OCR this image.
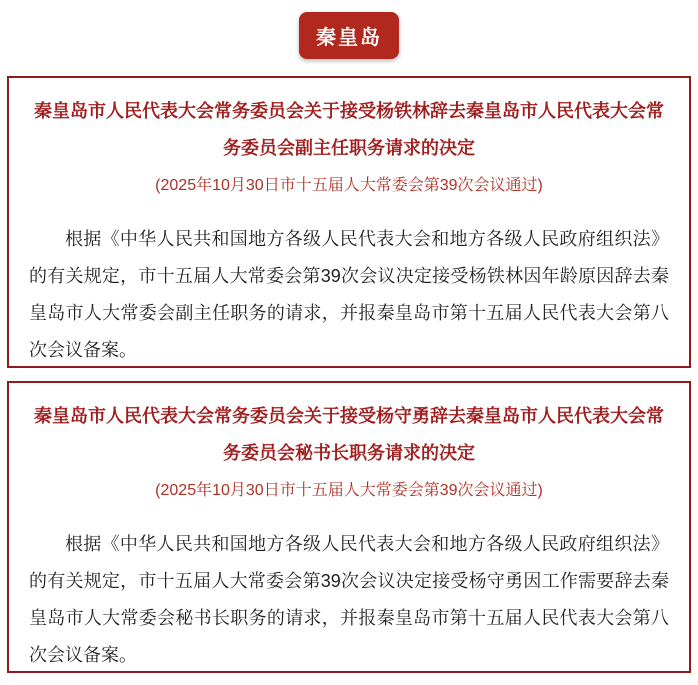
秦皇岛
秦皇岛市人民代表大会常务委员会关于接受杨铁林辞去秦皇岛市人民代表大会常务委员会副主任职务请求的决定

(2025年10月30日市十五届人大常委会第39次会议通过)

根据《中华人民共和国地方各级人民代表大会和地方各级人民政府组织法》的有关规定，市十五届人大常委会第39次会议决定接受杨铁林因年龄原因辞去秦皇岛市人大常委会副主任职务的请求，并报秦皇岛市第十五届人民代表大会第八次会议备案。

秦皇岛市人民代表大会常务委员会关于接受杨守勇辞去秦皇岛市人民代表大会常务委员会秘书长职务请求的决定

(2025年10月30日市十五届人大常委会第39次会议通过)

根据《中华人民共和国地方各级人民代表大会和地方各级人民政府组织法》的有关规定，市十五届人大常委会第39次会议决定接受杨守勇因工作需要辞去秦皇岛市人大常委会秘书长职务的请求，并报秦皇岛市第十五届人民代表大会第八次会议备案。
